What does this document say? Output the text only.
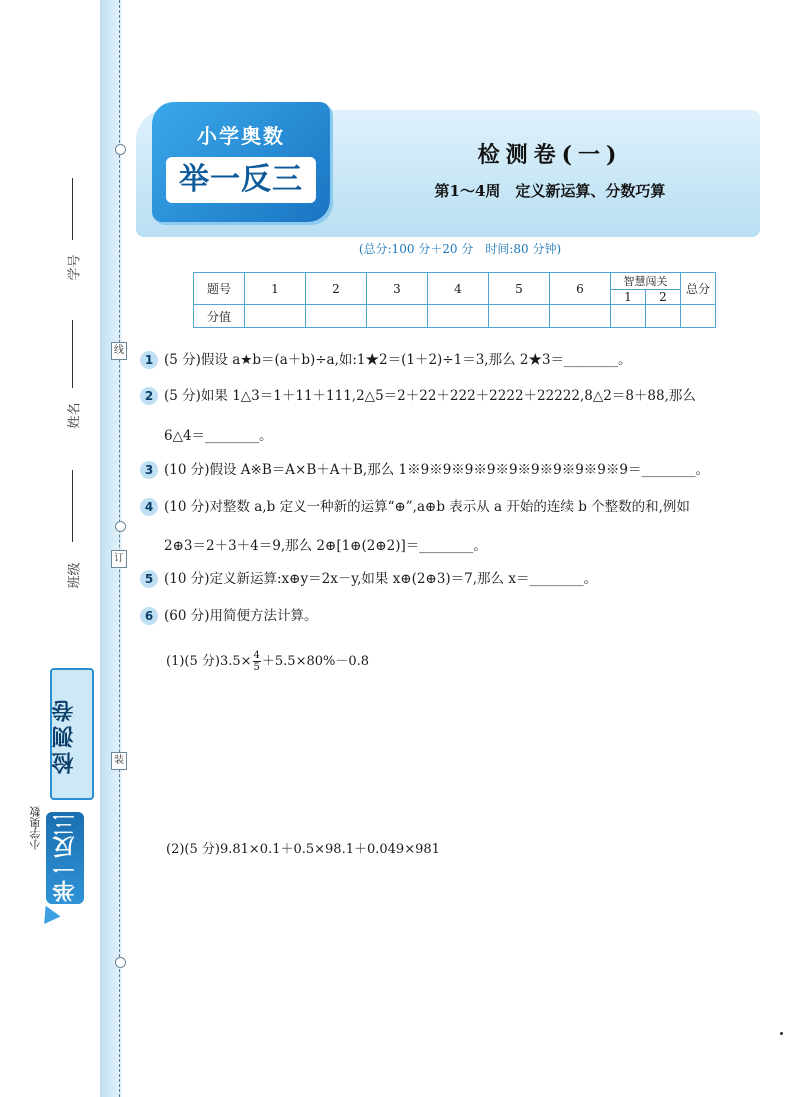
线
订
装
学号
姓名
班级
检测卷
小学奥数 举一反三
小学奥数
举一反三
检测卷(一)
第1～4周　定义新运算、分数巧算
(总分:100 分＋20 分　时间:80 分钟)
题号	1	2	3	4	5	6	智慧闯关		总分
							1	2	
分值									
1 (5 分)假设 a★b＝(a＋b)÷a,如:1★2＝(1＋2)÷1＝3,那么 2★3＝________。
2 (5 分)如果 1△3＝1＋11＋111,2△5＝2＋22＋222＋2222＋22222,8△2＝8＋88,那么
6△4＝________。
3 (10 分)假设 A※B＝A×B＋A＋B,那么 1※9※9※9※9※9※9※9※9※9※9＝________。
4 (10 分)对整数 a,b 定义一种新的运算“⊕”,a⊕b 表示从 a 开始的连续 b 个整数的和,例如
2⊕3＝2＋3＋4＝9,那么 2⊕[1⊕(2⊕2)]＝________。
5 (10 分)定义新运算:x⊕y＝2x－y,如果 x⊕(2⊕3)＝7,那么 x＝________。
6 (60 分)用简便方法计算。
(1)(5 分)$3.5\times \frac{4}{5} +5.5\times 80\%-0.8$
(2)(5 分)9.81×0.1＋0.5×98.1＋0.049×981
